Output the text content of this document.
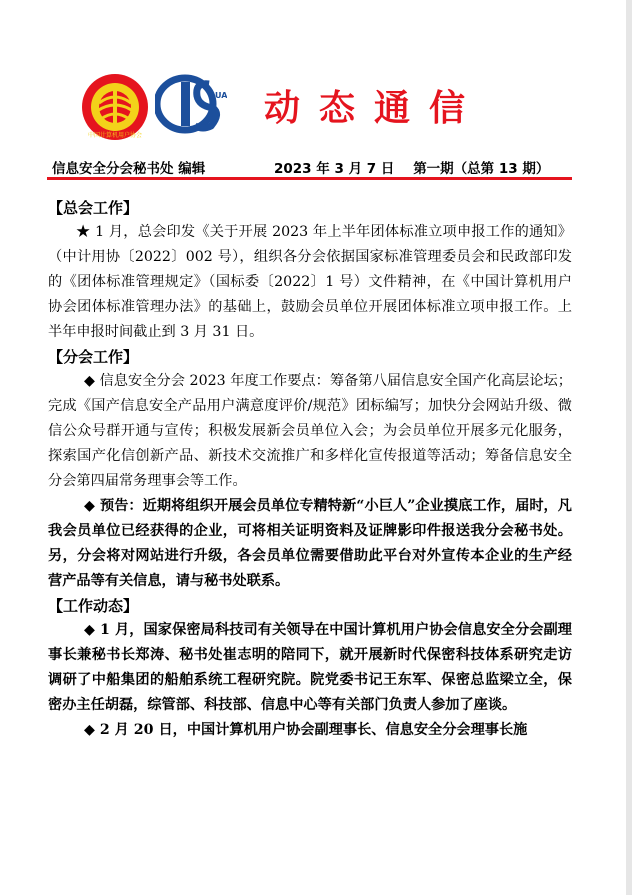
中国计算机用户协会
UA 动态通信
信息安全分会秘书处 编辑	2023 年 3 月 7 日 第一期（总第 13 期）
【总会工作】

★ 1 月，总会印发《关于开展 2023 年上半年团体标准立项申报工作的通知》（中计用协〔2022〕002 号），组织各分会依据国家标准管理委员会和民政部印发的《团体标准管理规定》（国标委〔2022〕1 号）文件精神，在《中国计算机用户协会团体标准管理办法》的基础上，鼓励会员单位开展团体标准立项申报工作。上半年申报时间截止到 3 月 31 日。

【分会工作】

◆ 信息安全分会 2023 年度工作要点：筹备第八届信息安全国产化高层论坛；完成《国产信息安全产品用户满意度评价/规范》团标编写；加快分会网站升级、微信公众号群开通与宣传；积极发展新会员单位入会；为会员单位开展多元化服务，探索国产化信创新产品、新技术交流推广和多样化宣传报道等活动；筹备信息安全分会第四届常务理事会等工作。

◆ 预告：近期将组织开展会员单位专精特新“小巨人”企业摸底工作，届时，凡我会员单位已经获得的企业，可将相关证明资料及证牌影印件报送我分会秘书处。另，分会将对网站进行升级，各会员单位需要借助此平台对外宣传本企业的生产经营产品等有关信息，请与秘书处联系。

【工作动态】

◆ 1 月，国家保密局科技司有关领导在中国计算机用户协会信息安全分会副理事长兼秘书长郑涛、秘书处崔志明的陪同下，就开展新时代保密科技体系研究走访调研了中船集团的船舶系统工程研究院。院党委书记王东军、保密总监梁立全，保密办主任胡磊，综管部、科技部、信息中心等有关部门负责人参加了座谈。

◆ 2 月 20 日，中国计算机用户协会副理事长、信息安全分会理事长施
